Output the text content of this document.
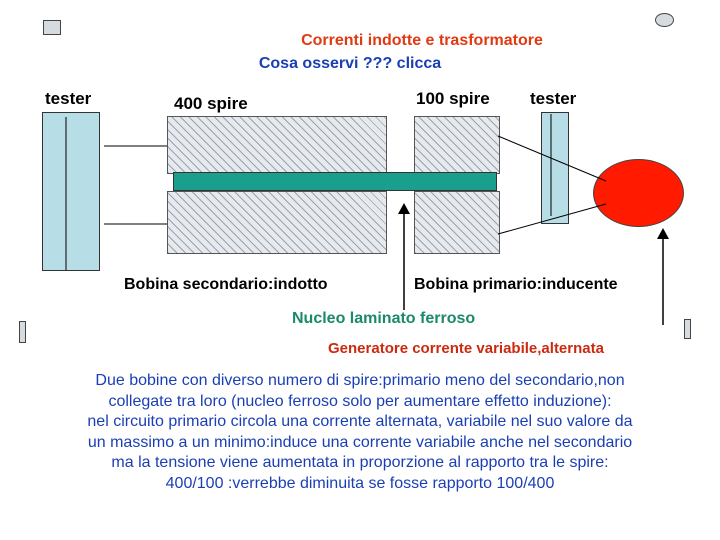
Correnti indotte e trasformatore
Cosa osservi ??? clicca
tester	400 spire	100 spire tester
Bobina secondario:indotto	Bobina primario:inducente
Nucleo laminato ferroso
Generatore corrente variabile,alternata
Due bobine con diverso numero di spire:primario meno del secondario,non
collegate tra loro (nucleo ferroso solo per aumentare effetto induzione):
nel circuito primario circola una corrente alternata, variabile nel suo valore da
un massimo a un minimo:induce una corrente variabile anche nel secondario
ma la tensione viene aumentata in proporzione al rapporto tra le spire:
400/100 :verrebbe diminuita se fosse rapporto 100/400
